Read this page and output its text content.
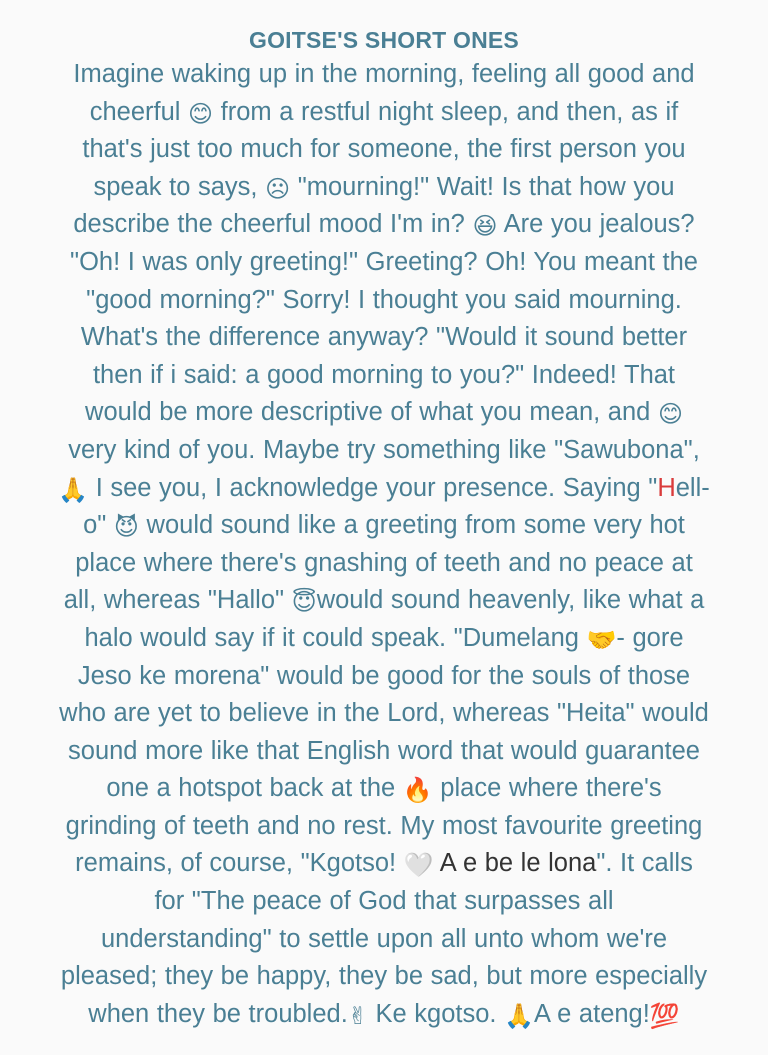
GOITSE'S SHORT ONES
Imagine waking up in the morning, feeling all good and
cheerful 😊 from a restful night sleep, and then, as if
that's just too much for someone, the first person you
speak to says, ☹ "mourning!" Wait! Is that how you
describe the cheerful mood I'm in? 😆 Are you jealous?
"Oh! I was only greeting!" Greeting? Oh! You meant the
"good morning?" Sorry! I thought you said mourning.
What's the difference anyway? "Would it sound better
then if i said: a good morning to you?" Indeed! That
would be more descriptive of what you mean, and 😊
very kind of you. Maybe try something like "Sawubona",
🙏 I see you, I acknowledge your presence. Saying "Hell-
o" 😈 would sound like a greeting from some very hot
place where there's gnashing of teeth and no peace at
all, whereas "Hallo" 😇would sound heavenly, like what a
halo would say if it could speak. "Dumelang 🤝- gore
Jeso ke morena" would be good for the souls of those
who are yet to believe in the Lord, whereas "Heita" would
sound more like that English word that would guarantee
one a hotspot back at the 🔥 place where there's
grinding of teeth and no rest. My most favourite greeting
remains, of course, "Kgotso! 🤍 A e be le lona". It calls
for "The peace of God that surpasses all
understanding" to settle upon all unto whom we're
pleased; they be happy, they be sad, but more especially
when they be troubled.✌ Ke kgotso. 🙏A e ateng!💯
